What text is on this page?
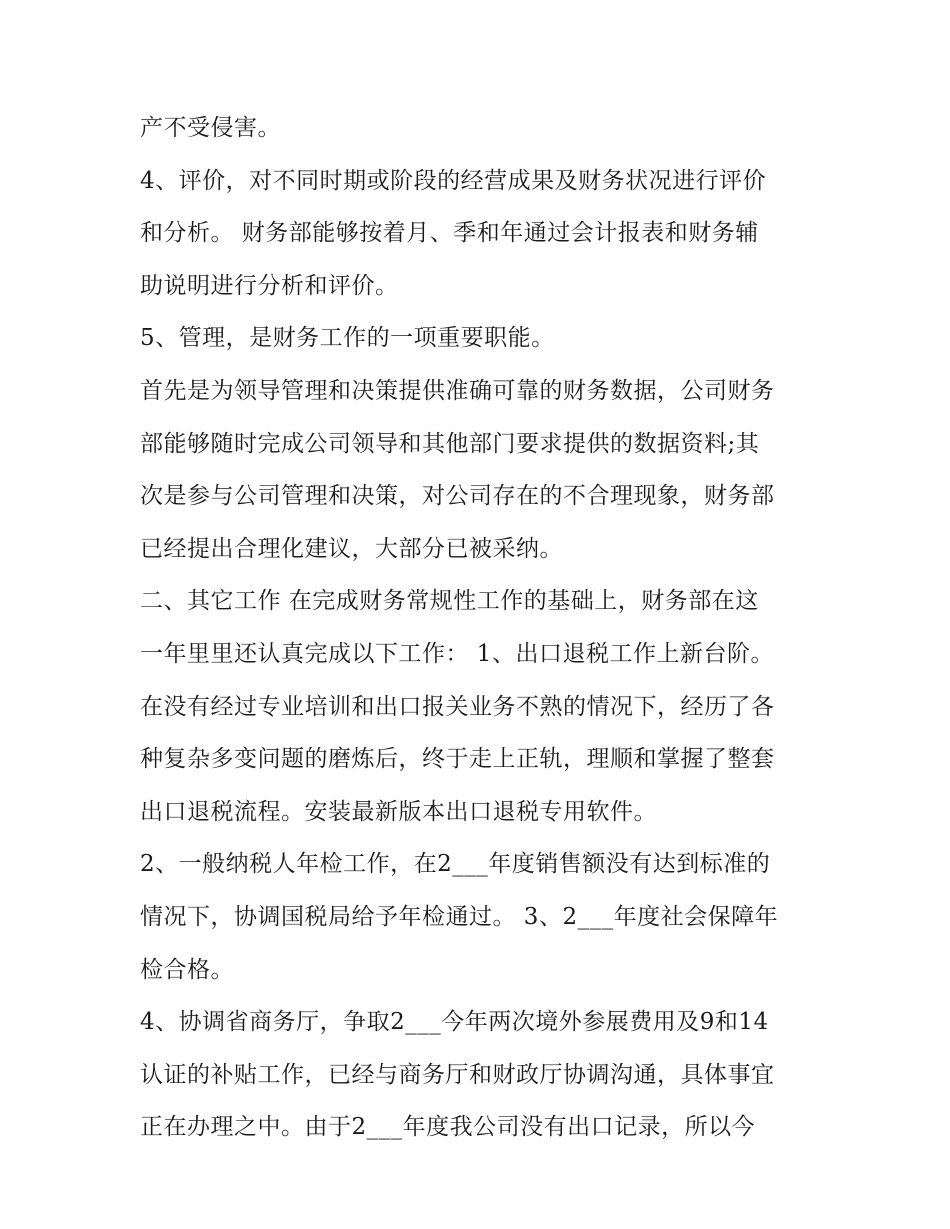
产不受侵害。
4、评价，对不同时期或阶段的经营成果及财务状况进行评价
和分析。 财务部能够按着月、季和年通过会计报表和财务辅
助说明进行分析和评价。
5、管理，是财务工作的一项重要职能。
首先是为领导管理和决策提供准确可靠的财务数据，公司财务
部能够随时完成公司领导和其他部门要求提供的数据资料;其
次是参与公司管理和决策，对公司存在的不合理现象，财务部
已经提出合理化建议，大部分已被采纳。
二、其它工作 在完成财务常规性工作的基础上，财务部在这
一年里里还认真完成以下工作： 1、出口退税工作上新台阶。
在没有经过专业培训和出口报关业务不熟的情况下，经历了各
种复杂多变问题的磨炼后，终于走上正轨，理顺和掌握了整套
出口退税流程。安装最新版本出口退税专用软件。
2、一般纳税人年检工作，在2___年度销售额没有达到标准的
情况下，协调国税局给予年检通过。 3、2___年度社会保障年
检合格。
4、协调省商务厅，争取2___今年两次境外参展费用及9和14
认证的补贴工作，已经与商务厅和财政厅协调沟通，具体事宜
正在办理之中。由于2___年度我公司没有出口记录，所以今
